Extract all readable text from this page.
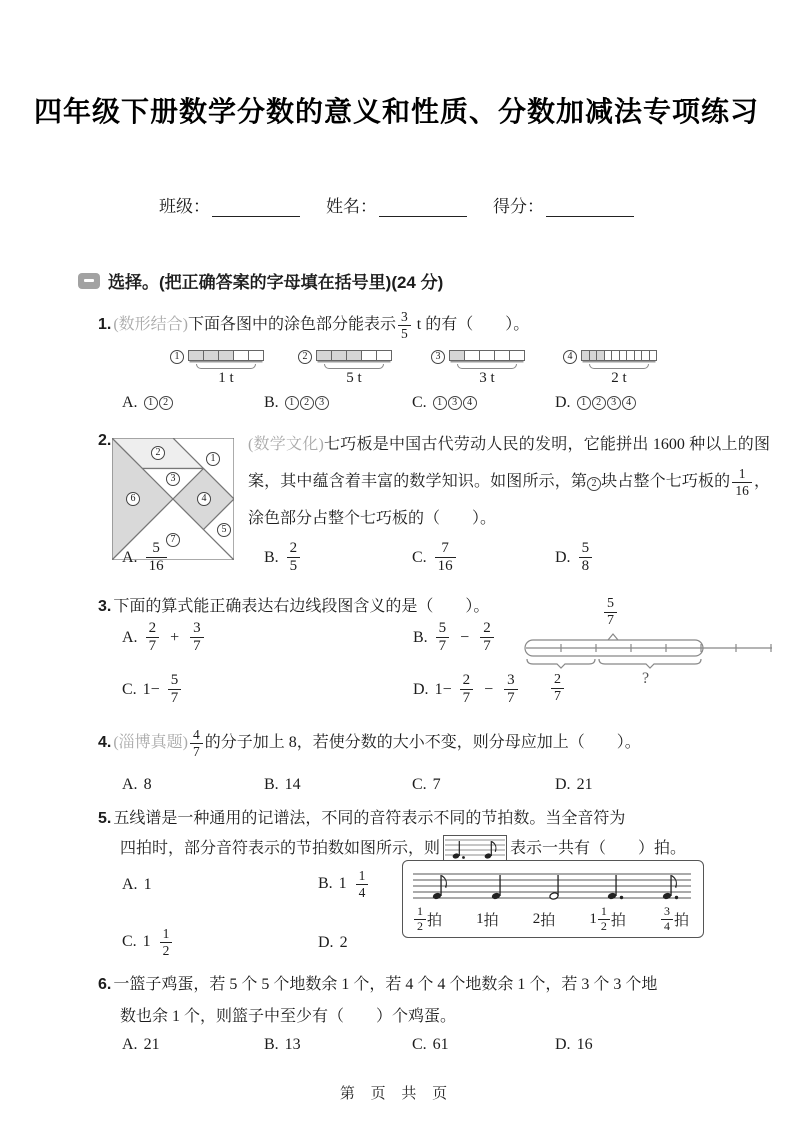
四年级下册数学分数的意义和性质、分数加减法专项练习
班级：	姓名：	得分：
选择。(把正确答案的字母填在括号里)(24 分)
1. (数形结合)下面各图中的涂色部分能表示 $\frac{3}{5}$ t 的有（　　）。
1
1 t
2
5 t
3
3 t
4
2 t
A.	1	2	B.	1	2	3	C.	1	3	4	D.	1	2	3	4
2.
1
2
3
4
5
6
7
(数学文化)七巧板是中国古代劳动人民的发明，它能拼出 1600 种以上的图案，其中蕴含着丰富的数学知识。如图所示，第 2 块占整个七巧板的 $\frac{1}{16}$ ，涂色部分占整个七巧板的（　　）。
A. $\frac{5}{16}$	B. $\frac{2}{5}$	C. $\frac{7}{16}$	D. $\frac{5}{8}$
3. 下面的算式能正确表达右边线段图含义的是（　　）。
A. $\frac{2}{7} + \frac{3}{7}$	B. $\frac{5}{7} - \frac{2}{7}$
C. $1- \frac{5}{7}$	D. $1- \frac{2}{7} - \frac{3}{7}$
$\frac{5}{7}$
$\frac{2}{7}$	?
4. (淄博真题) $\frac{4}{7}$ 的分子加上 8，若使分数的大小不变，则分母应加上（　　）。
A. 8	B. 14	C. 7	D. 21
5. 五线谱是一种通用的记谱法，不同的音符表示不同的节拍数。当全音符为
四拍时，部分音符表示的节拍数如图所示，则	表示一共有（　　）拍。
A. 1	B. $1 \frac{1}{4}$
C. $1 \frac{1}{2}$	D. 2
$\frac{1}{2}$ 拍 1 拍 2 拍 $1 \frac{1}{2}$ 拍	$\frac{3}{4}$ 拍
6. 一篮子鸡蛋，若 5 个 5 个地数余 1 个，若 4 个 4 个地数余 1 个，若 3 个 3 个地
数也余 1 个，则篮子中至少有（　　）个鸡蛋。
A. 21	B. 13	C. 61	D. 16
第 页 共 页
